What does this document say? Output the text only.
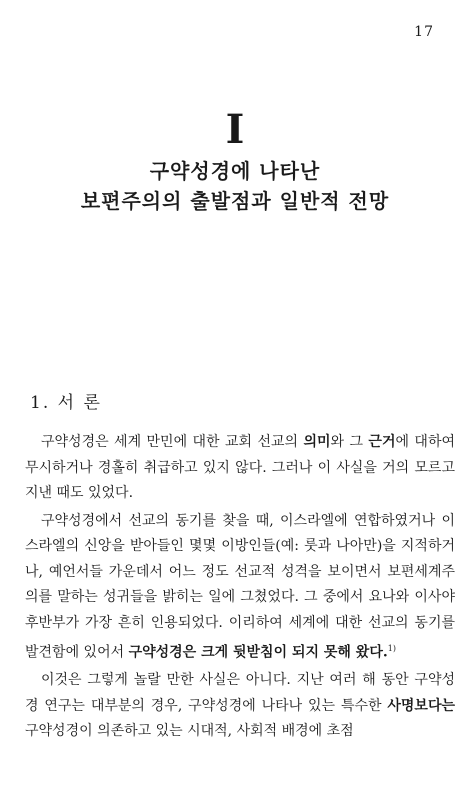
17
I
구약성경에 나타난
보편주의의 출발점과 일반적 전망
1. 서 론

구약성경은 세계 만민에 대한 교회 선교의 의미와 그 근거에 대하여 무시하거나 경홀히 취급하고 있지 않다. 그러나 이 사실을 거의 모르고 지낸 때도 있었다.

구약성경에서 선교의 동기를 찾을 때, 이스라엘에 연합하였거나 이스라엘의 신앙을 받아들인 몇몇 이방인들(예: 룻과 나아만)을 지적하거나, 예언서들 가운데서 어느 정도 선교적 성격을 보이면서 보편세계주의를 말하는 성귀들을 밝히는 일에 그쳤었다. 그 중에서 요나와 이사야 후반부가 가장 흔히 인용되었다. 이리하여 세계에 대한 선교의 동기를 발견함에 있어서 구약성경은 크게 뒷받침이 되지 못해 왔다.$^{1)}$

이것은 그렇게 놀랄 만한 사실은 아니다. 지난 여러 해 동안 구약성경 연구는 대부분의 경우, 구약성경에 나타나 있는 특수한 사명보다는 구약성경이 의존하고 있는 시대적, 사회적 배경에 초점
